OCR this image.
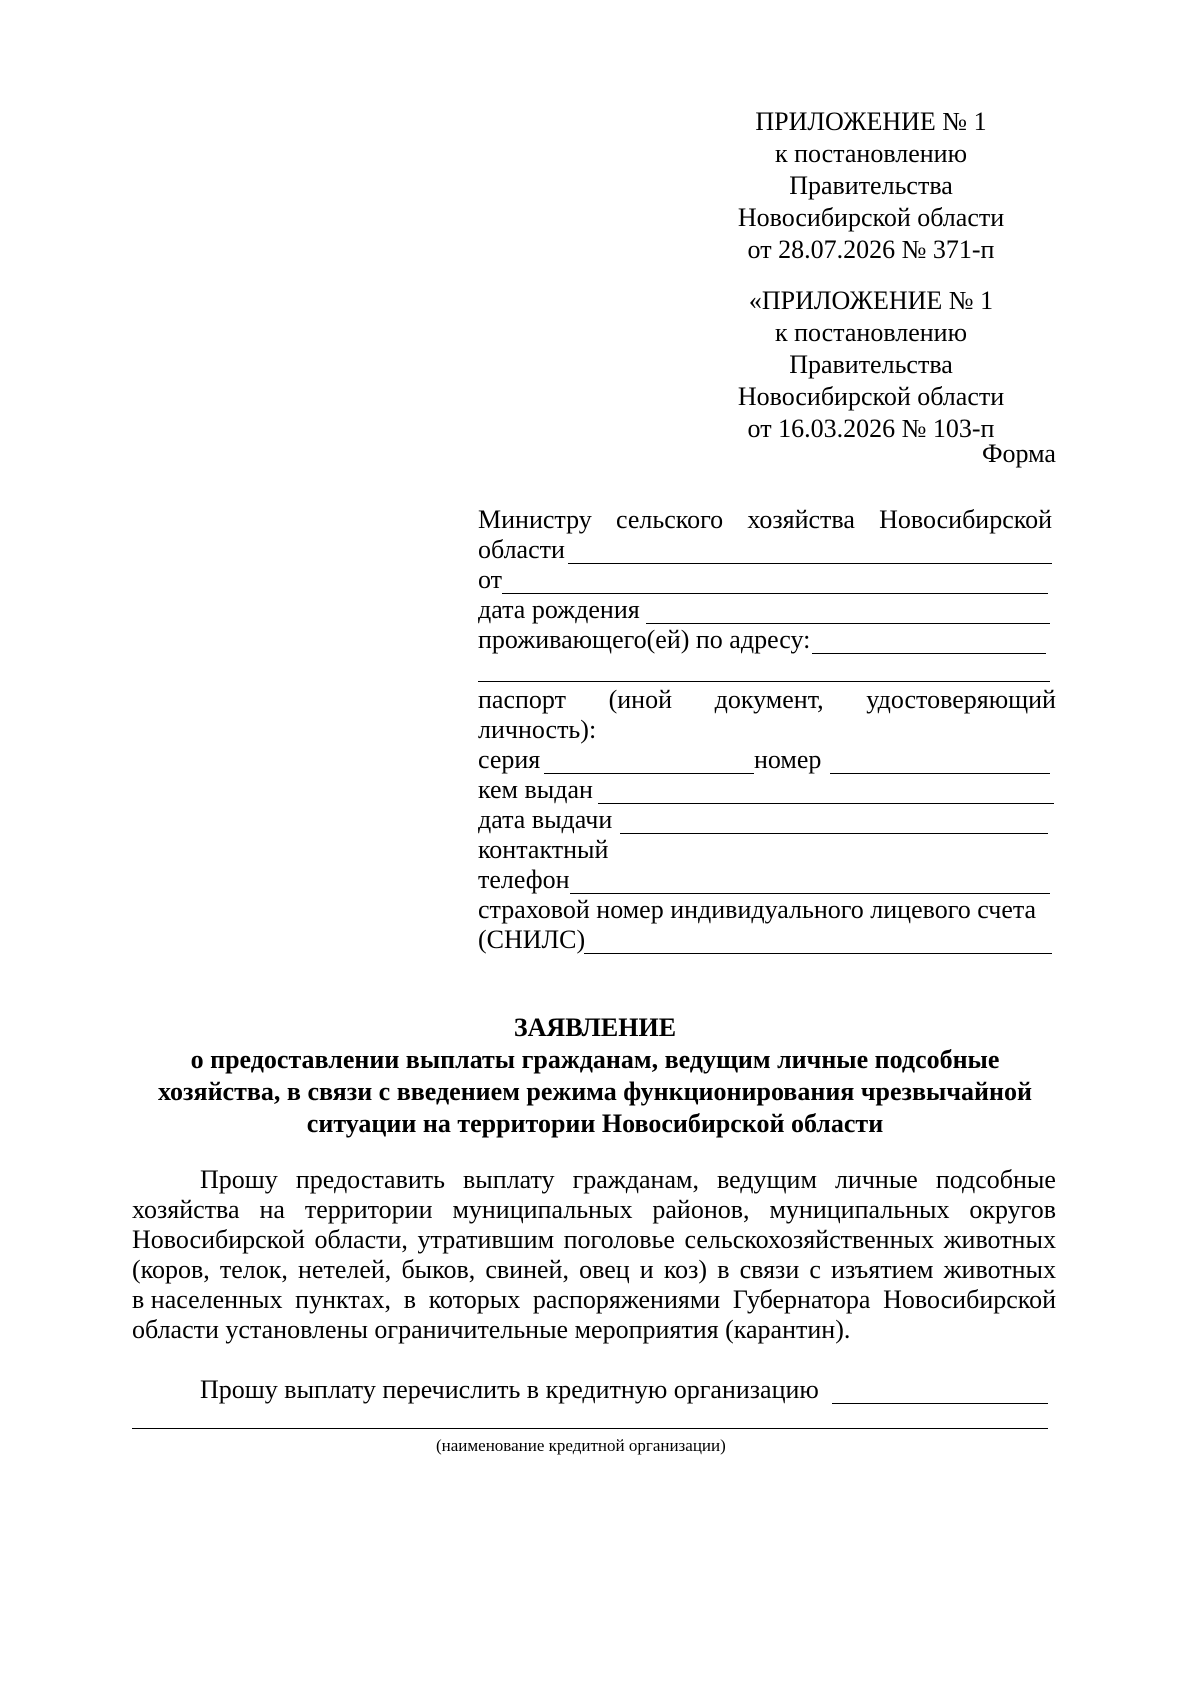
ПРИЛОЖЕНИЕ № 1
к постановлению Правительства
Новосибирской области
от 28.07.2026 № 371-п
«ПРИЛОЖЕНИЕ № 1
к постановлению Правительства
Новосибирской области
от 16.03.2026 № 103-п
Форма
Министру сельского хозяйства Новосибирской
области
от
дата рождения
проживающего(ей) по адресу:
паспорт (иной документ, удостоверяющий
личность):
серия	номер
кем выдан
дата выдачи
контактный
телефон
страховой номер индивидуального лицевого счета
(СНИЛС)
ЗАЯВЛЕНИЕ
о предоставлении выплаты гражданам, ведущим личные подсобные
хозяйства, в связи с введением режима функционирования чрезвычайной
ситуации на территории Новосибирской области
Прошу предоставить выплату гражданам, ведущим личные подсобные
хозяйства на территории муниципальных районов, муниципальных округов
Новосибирской области, утратившим поголовье сельскохозяйственных животных
(коров, телок, нетелей, быков, свиней, овец и коз) в связи с изъятием животных
в населенных пунктах, в которых распоряжениями Губернатора Новосибирской
области установлены ограничительные мероприятия (карантин).
Прошу выплату перечислить в кредитную организацию
(наименование кредитной организации)
